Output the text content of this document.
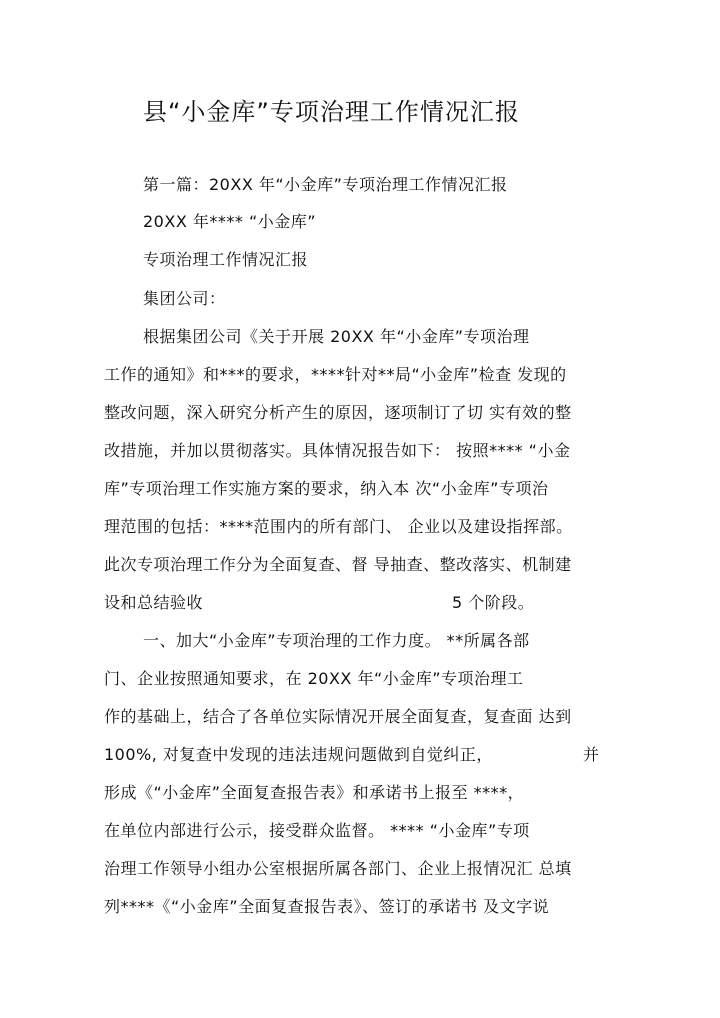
县“小金库”专项治理工作情况汇报

第一篇：20XX 年“小金库”专项治理工作情况汇报

20XX 年**** “小金库”

专项治理工作情况汇报

集团公司：

根据集团公司《关于开展 20XX 年“小金库”专项治理

工作的通知》和***的要求，****针对**局“小金库”检查 发现的

整改问题，深入研究分析产生的原因，逐项制订了切 实有效的整

改措施，并加以贯彻落实。具体情况报告如下： 按照**** “小金

库”专项治理工作实施方案的要求，纳入本 次“小金库”专项治

理范围的包括：****范围内的所有部门、 企业以及建设指挥部。

此次专项治理工作分为全面复查、督 导抽查、整改落实、机制建

设和总结验收	5 个阶段。

一、加大“小金库”专项治理的工作力度。 **所属各部

门、企业按照通知要求，在 20XX 年“小金库”专项治理工

作的基础上，结合了各单位实际情况开展全面复查，复查面 达到

100%, 对复查中发现的违法违规问题做到自觉纠正，	并

形成《“小金库”全面复查报告表》和承诺书上报至 ****，

在单位内部进行公示，接受群众监督。 **** “小金库”专项

治理工作领导小组办公室根据所属各部门、企业上报情况汇 总填

列****《“小金库”全面复查报告表》、签订的承诺书 及文字说
